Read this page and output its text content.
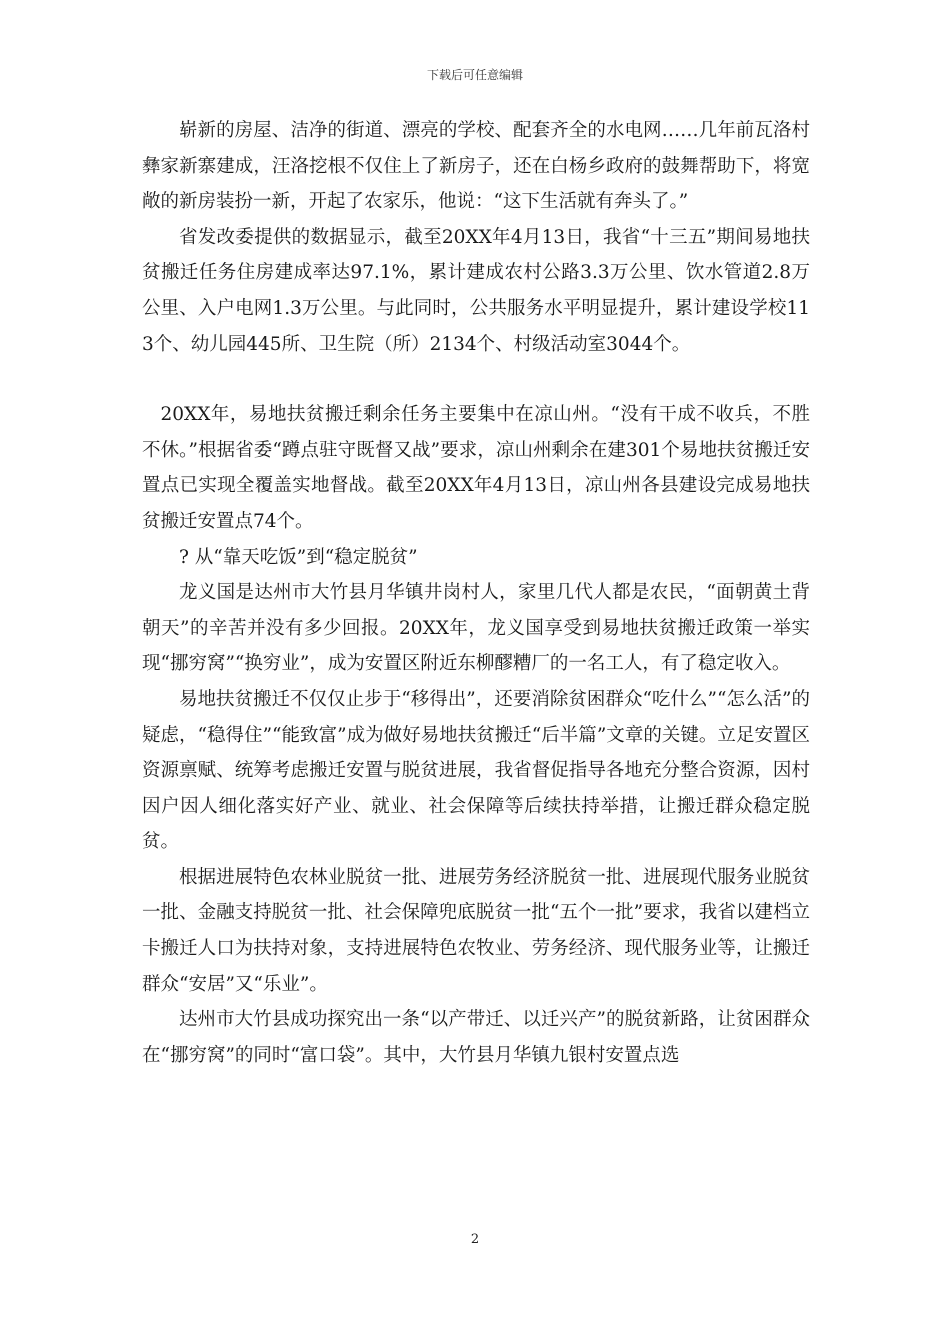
下载后可任意编辑

崭新的房屋、洁净的街道、漂亮的学校、配套齐全的水电网……几年前瓦洛村彝家新寨建成，汪洛挖根不仅住上了新房子，还在白杨乡政府的鼓舞帮助下，将宽敞的新房装扮一新，开起了农家乐，他说：“这下生活就有奔头了。”

省发改委提供的数据显示，截至20XX年4月13日，我省“十三五”期间易地扶贫搬迁任务住房建成率达97.1%，累计建成农村公路3.3万公里、饮水管道2.8万公里、入户电网1.3万公里。与此同时，公共服务水平明显提升，累计建设学校113个、幼儿园445所、卫生院（所）2134个、村级活动室3044个。

20XX年，易地扶贫搬迁剩余任务主要集中在凉山州。“没有干成不收兵，不胜不休。”根据省委“蹲点驻守既督又战”要求，凉山州剩余在建301个易地扶贫搬迁安置点已实现全覆盖实地督战。截至20XX年4月13日，凉山州各县建设完成易地扶贫搬迁安置点74个。

? 从“靠天吃饭”到“稳定脱贫”

龙义国是达州市大竹县月华镇井岗村人，家里几代人都是农民，“面朝黄土背朝天”的辛苦并没有多少回报。20XX年，龙义国享受到易地扶贫搬迁政策一举实现“挪穷窝”“换穷业”，成为安置区附近东柳醪糟厂的一名工人，有了稳定收入。

易地扶贫搬迁不仅仅止步于“移得出”，还要消除贫困群众“吃什么”“怎么活”的疑虑，“稳得住”“能致富”成为做好易地扶贫搬迁“后半篇”文章的关键。立足安置区资源禀赋、统筹考虑搬迁安置与脱贫进展，我省督促指导各地充分整合资源，因村因户因人细化落实好产业、就业、社会保障等后续扶持举措，让搬迁群众稳定脱贫。

根据进展特色农林业脱贫一批、进展劳务经济脱贫一批、进展现代服务业脱贫一批、金融支持脱贫一批、社会保障兜底脱贫一批“五个一批”要求，我省以建档立卡搬迁人口为扶持对象，支持进展特色农牧业、劳务经济、现代服务业等，让搬迁群众“安居”又“乐业”。

达州市大竹县成功探究出一条“以产带迁、以迁兴产”的脱贫新路，让贫困群众在“挪穷窝”的同时“富口袋”。其中，大竹县月华镇九银村安置点选

2
